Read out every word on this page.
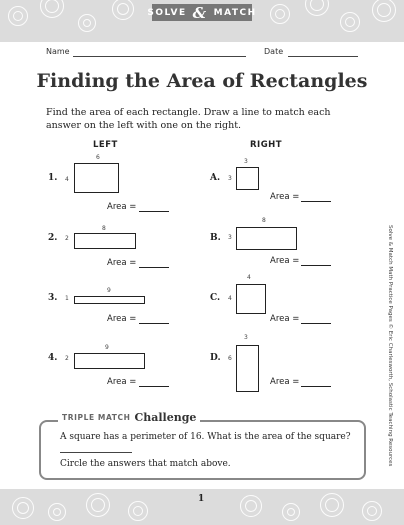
SOLVE & MATCH
Name	Date
Finding the Area of Rectangles
Find the area of each rectangle. Draw a line to match each
answer on the left with one on the right.
LEFT	RIGHT
1.
6
4
Area =
2.
8
2
Area =
3.
9
1
Area =
4.
9
2
Area =
A.
3
3
Area =
B.
8
3
Area =
C.
4
4
Area =
D.
3
6
Area =
TRIPLE MATCH Challenge
A square has a perimeter of 16. What is the area of the square?
Circle the answers that match above.
1
Solve & Match Math Practice Pages © Eric Charlesworth, Scholastic Teaching Resources
